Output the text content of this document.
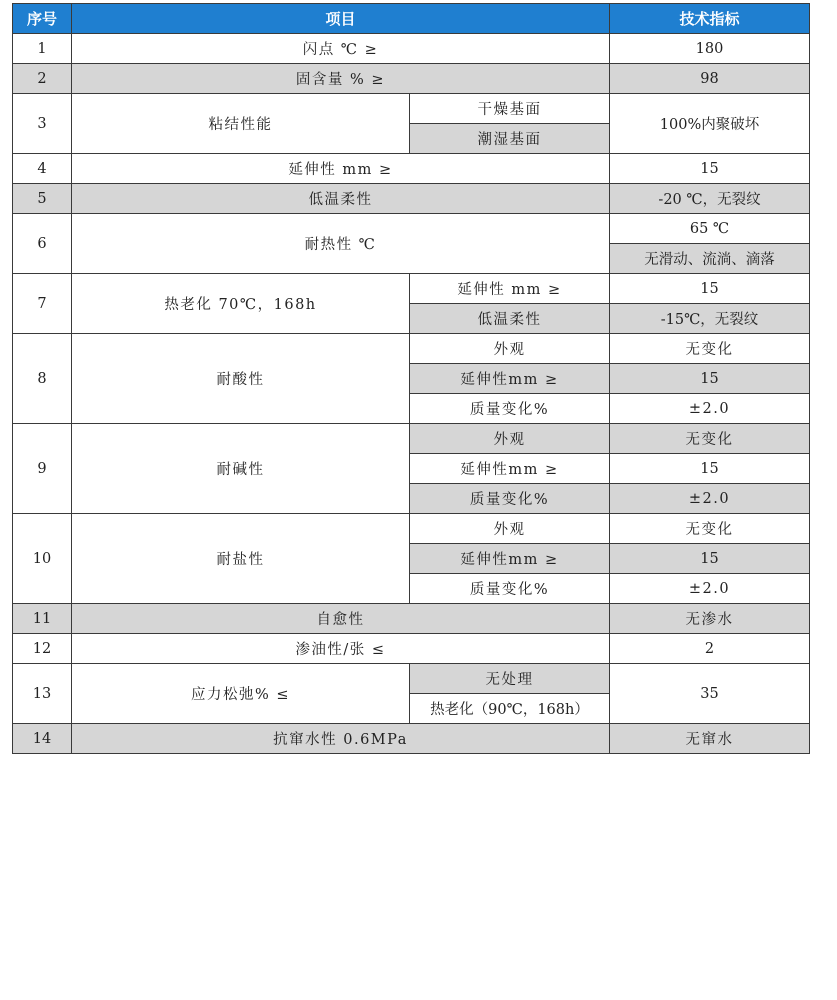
序号	项目		技术指标
1	闪点 ℃ ≥		180
2	固含量 % ≥		98
3	粘结性能	干燥基面	100%内聚破坏
		潮湿基面	
4	延伸性 mm ≥		15
5	低温柔性		-20 ℃，无裂纹
6	耐热性 ℃		65 ℃
			无滑动、流淌、滴落
7	热老化 70℃，168h	延伸性 mm ≥	15
		低温柔性	-15℃，无裂纹
8	耐酸性	外观	无变化
		延伸性mm ≥	15
		质量变化%	±2.0
9	耐碱性	外观	无变化
		延伸性mm ≥	15
		质量变化%	±2.0
10	耐盐性	外观	无变化
		延伸性mm ≥	15
		质量变化%	±2.0
11	自愈性		无渗水
12	渗油性/张 ≤		2
13	应力松弛% ≤	无处理	35
		热老化（90℃，168h）	
14	抗窜水性 0.6MPa		无窜水
